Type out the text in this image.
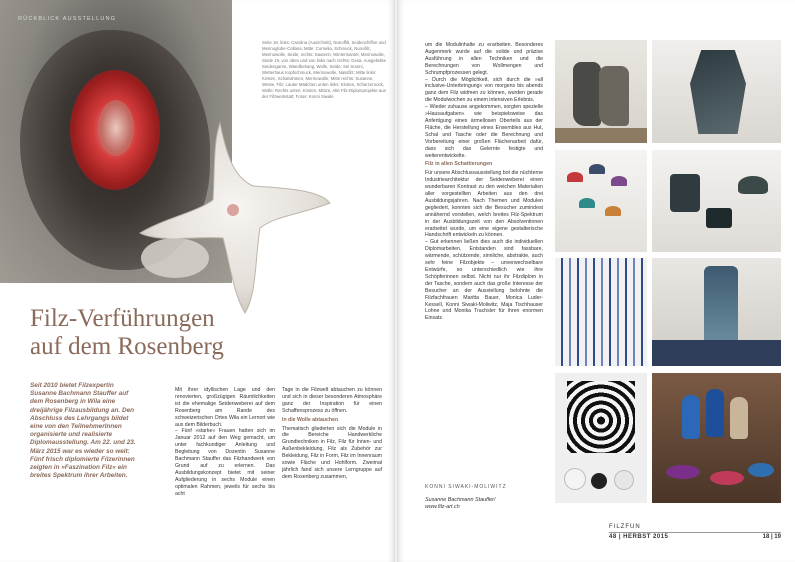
RÜCKBLICK AUSSTELLUNG
Seite 18, links: Carolina (Ausschnitt), Nunoffilt, Seidenchiffon und Merinoglobe-Collana; Mitte: Cornelia, Schmuck, Nunofilz, Merinowolle, Seide; rechts: Sauterin, Wintermantel, Merinowolle, Seide 19, von oben und von links nach rechts: Gesa, Ausgeliebte Seidengarne, Wandbehang, Wolle, Seide; Sei Suomi, Wetterhaus Kopfschmuck, Merinowolle, Nassfilz; Mitte links: Kirsten, Schalrahmen, Merinowolle; Mitte rechts: Susanne, Weste, Filz; Lauter Mädchen unten links: Kirsten, Schürzenrock, Wolle; Rechts unten: Kirsten, Mütze, Alte Filz-Diplomprojekte aus der Filzwerkstatt; Fotos: Konni Siwaki
Filz-Verführungen
auf dem Rosenberg
Seit 2010 bietet Filzexpertin Susanne Bachmann Stauffer auf dem Rosenberg in Wila eine dreijährige Filzausbildung an. Den Abschluss des Lehrgangs bildet eine von den TeilnehmerInnen organisierte und realisierte Diplomausstellung. Am 22. und 23. März 2015 war es wieder so weit: Fünf frisch diplomierte Filzerinnen zeigten in »Faszination Filz« ein breites Spektrum ihrer Arbeiten.

Mit ihrer idyllischen Lage und den renovierten, großzügigen Räumlichkeiten ist die ehemalige Seidenweberei auf dem Rosenberg am Rande des schweizerischen Ortes Wila ein Lernort wie aus dem Bilderbuch.

– Fünf »starke« Frauen hatten sich im Januar 2012 auf den Weg gemacht, um unter fachkundiger Anleitung und Begleitung von Dozentin Susanne Bachmann Stauffer das Filzhandwerk von Grund auf zu erlernen. Das Ausbildungskonzept bietet mit seiner Aufgliederung in sechs Module einen optimalen Rahmen, jeweils für sechs bis acht

Tage in die Filzwelt abtauchen zu können und sich in dieser besonderen Atmosphäre ganz der Inspiration für einen Schaffensprozess zu öffnen.

In die Wolle abtauchen

Thematisch gliederten sich die Module in die Bereiche Handwerkliche Grundtechniken in Filz, Filz für Innen- und Außenbekleidung, Filz als Zubehör zur Bekleidung, Filz in Form, Filz im Innenraum sowie Fläche und Hohlform. Zweimal jährlich fand sich unsere Lerngruppe auf dem Rosenberg zusammen,

um die Modulinhalte zu erarbeiten. Besonderes Augenmerk wurde auf die solide und präzise Ausführung in allen Techniken und die Berechnungen von Wollmengen und Schrumpfprozessen gelegt.

– Durch die Möglichkeit, sich durch die »all inclusive-Unterbringung« von morgens bis abends ganz dem Filz widmen zu können, wurden gerade die Modulwochen zu einem intensiven Erlebnis.

– Wieder zuhause angekommen, sorgten spezielle »Hausaufgaben« wie beispielsweise das Anfertigung eines ärmellosen Oberteils aus der Fläche, die Herstellung eines Ensembles aus Hut, Schal und Tasche oder die Berechnung und Vorbereitung einer großen Flächenarbeit dafür, dass sich das Gelernte festigte und weiterentwickelte.

Filz in allen Schattierungen

Für unsere Abschlussausstellung bot die nüchterne Industriearchitektur der Seidenweberei einen wunderbaren Kontrast zu den weichen Materialien aller vorgestellten Arbeiten aus den drei Ausbildungsjahren. Nach Themen und Modulen gegliedert, konnten sich die Besucher zumindest annähernd vorstellen, welch breites Filz-Spektrum in der Ausbildungszeit von den Absolventinnen erarbeitet wurde, um eine eigene gestalterische Handschrift entwickeln zu können.

– Gut erkennen ließen dies auch die individuellen Diplomarbeiten. Entstanden sind fassbare, wärmende, schützende, sinnliche, abstrakte, auch sehr feine Filzobjekte – unverwechselbare Entwürfe, so unterschiedlich wie ihre Schöpferinnen selbst. Nicht nur ihr Filzdiplom in der Tasche, sondern auch das große Interesse der Besucher an der Ausstellung belohnte die Filzfachfrauen Maritta Bauer, Monica Luder-Kessell, Konni Siwaki-Moliwitz, Maja Tischhauser Lohne und Monika Trachsler für ihren enormen Einsatz.

KONNI SIWAKI-MOLIWITZ
Susanne Bachmann Stauffer/
www.filz-art.ch
FILZFUN
48 | HERBST 2015	18 | 19
